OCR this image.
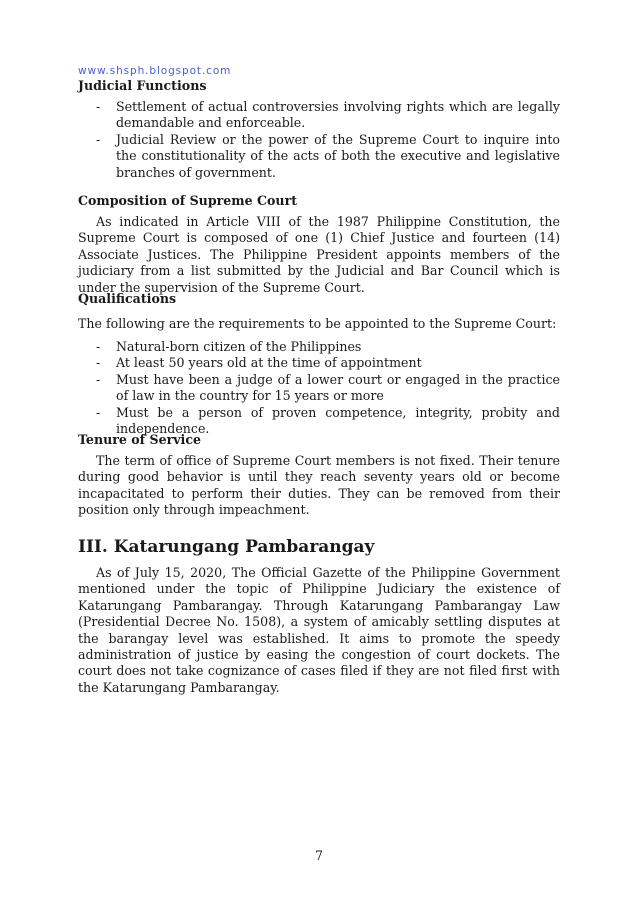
www.shsph.blogspot.com
Judicial Functions
- Settlement of actual controversies involving rights which are legally demandable and enforceable.
- Judicial Review or the power of the Supreme Court to inquire into the constitutionality of the acts of both the executive and legislative branches of government.
Composition of Supreme Court
As indicated in Article VIII of the 1987 Philippine Constitution, the Supreme Court is composed of one (1) Chief Justice and fourteen (14) Associate Justices. The Philippine President appoints members of the judiciary from a list submitted by the Judicial and Bar Council which is under the supervision of the Supreme Court.
Qualifications
The following are the requirements to be appointed to the Supreme Court:
- Natural-born citizen of the Philippines
- At least 50 years old at the time of appointment
- Must have been a judge of a lower court or engaged in the practice of law in the country for 15 years or more
- Must be a person of proven competence, integrity, probity and independence.
Tenure of Service
The term of office of Supreme Court members is not fixed. Their tenure during good behavior is until they reach seventy years old or become incapacitated to perform their duties. They can be removed from their position only through impeachment.
III. Katarungang Pambarangay
As of July 15, 2020, The Official Gazette of the Philippine Government mentioned under the topic of Philippine Judiciary the existence of Katarungang Pambarangay. Through Katarungang Pambarangay Law (Presidential Decree No. 1508), a system of amicably settling disputes at the barangay level was established. It aims to promote the speedy administration of justice by easing the congestion of court dockets. The court does not take cognizance of cases filed if they are not filed first with the Katarungang Pambarangay.
7
